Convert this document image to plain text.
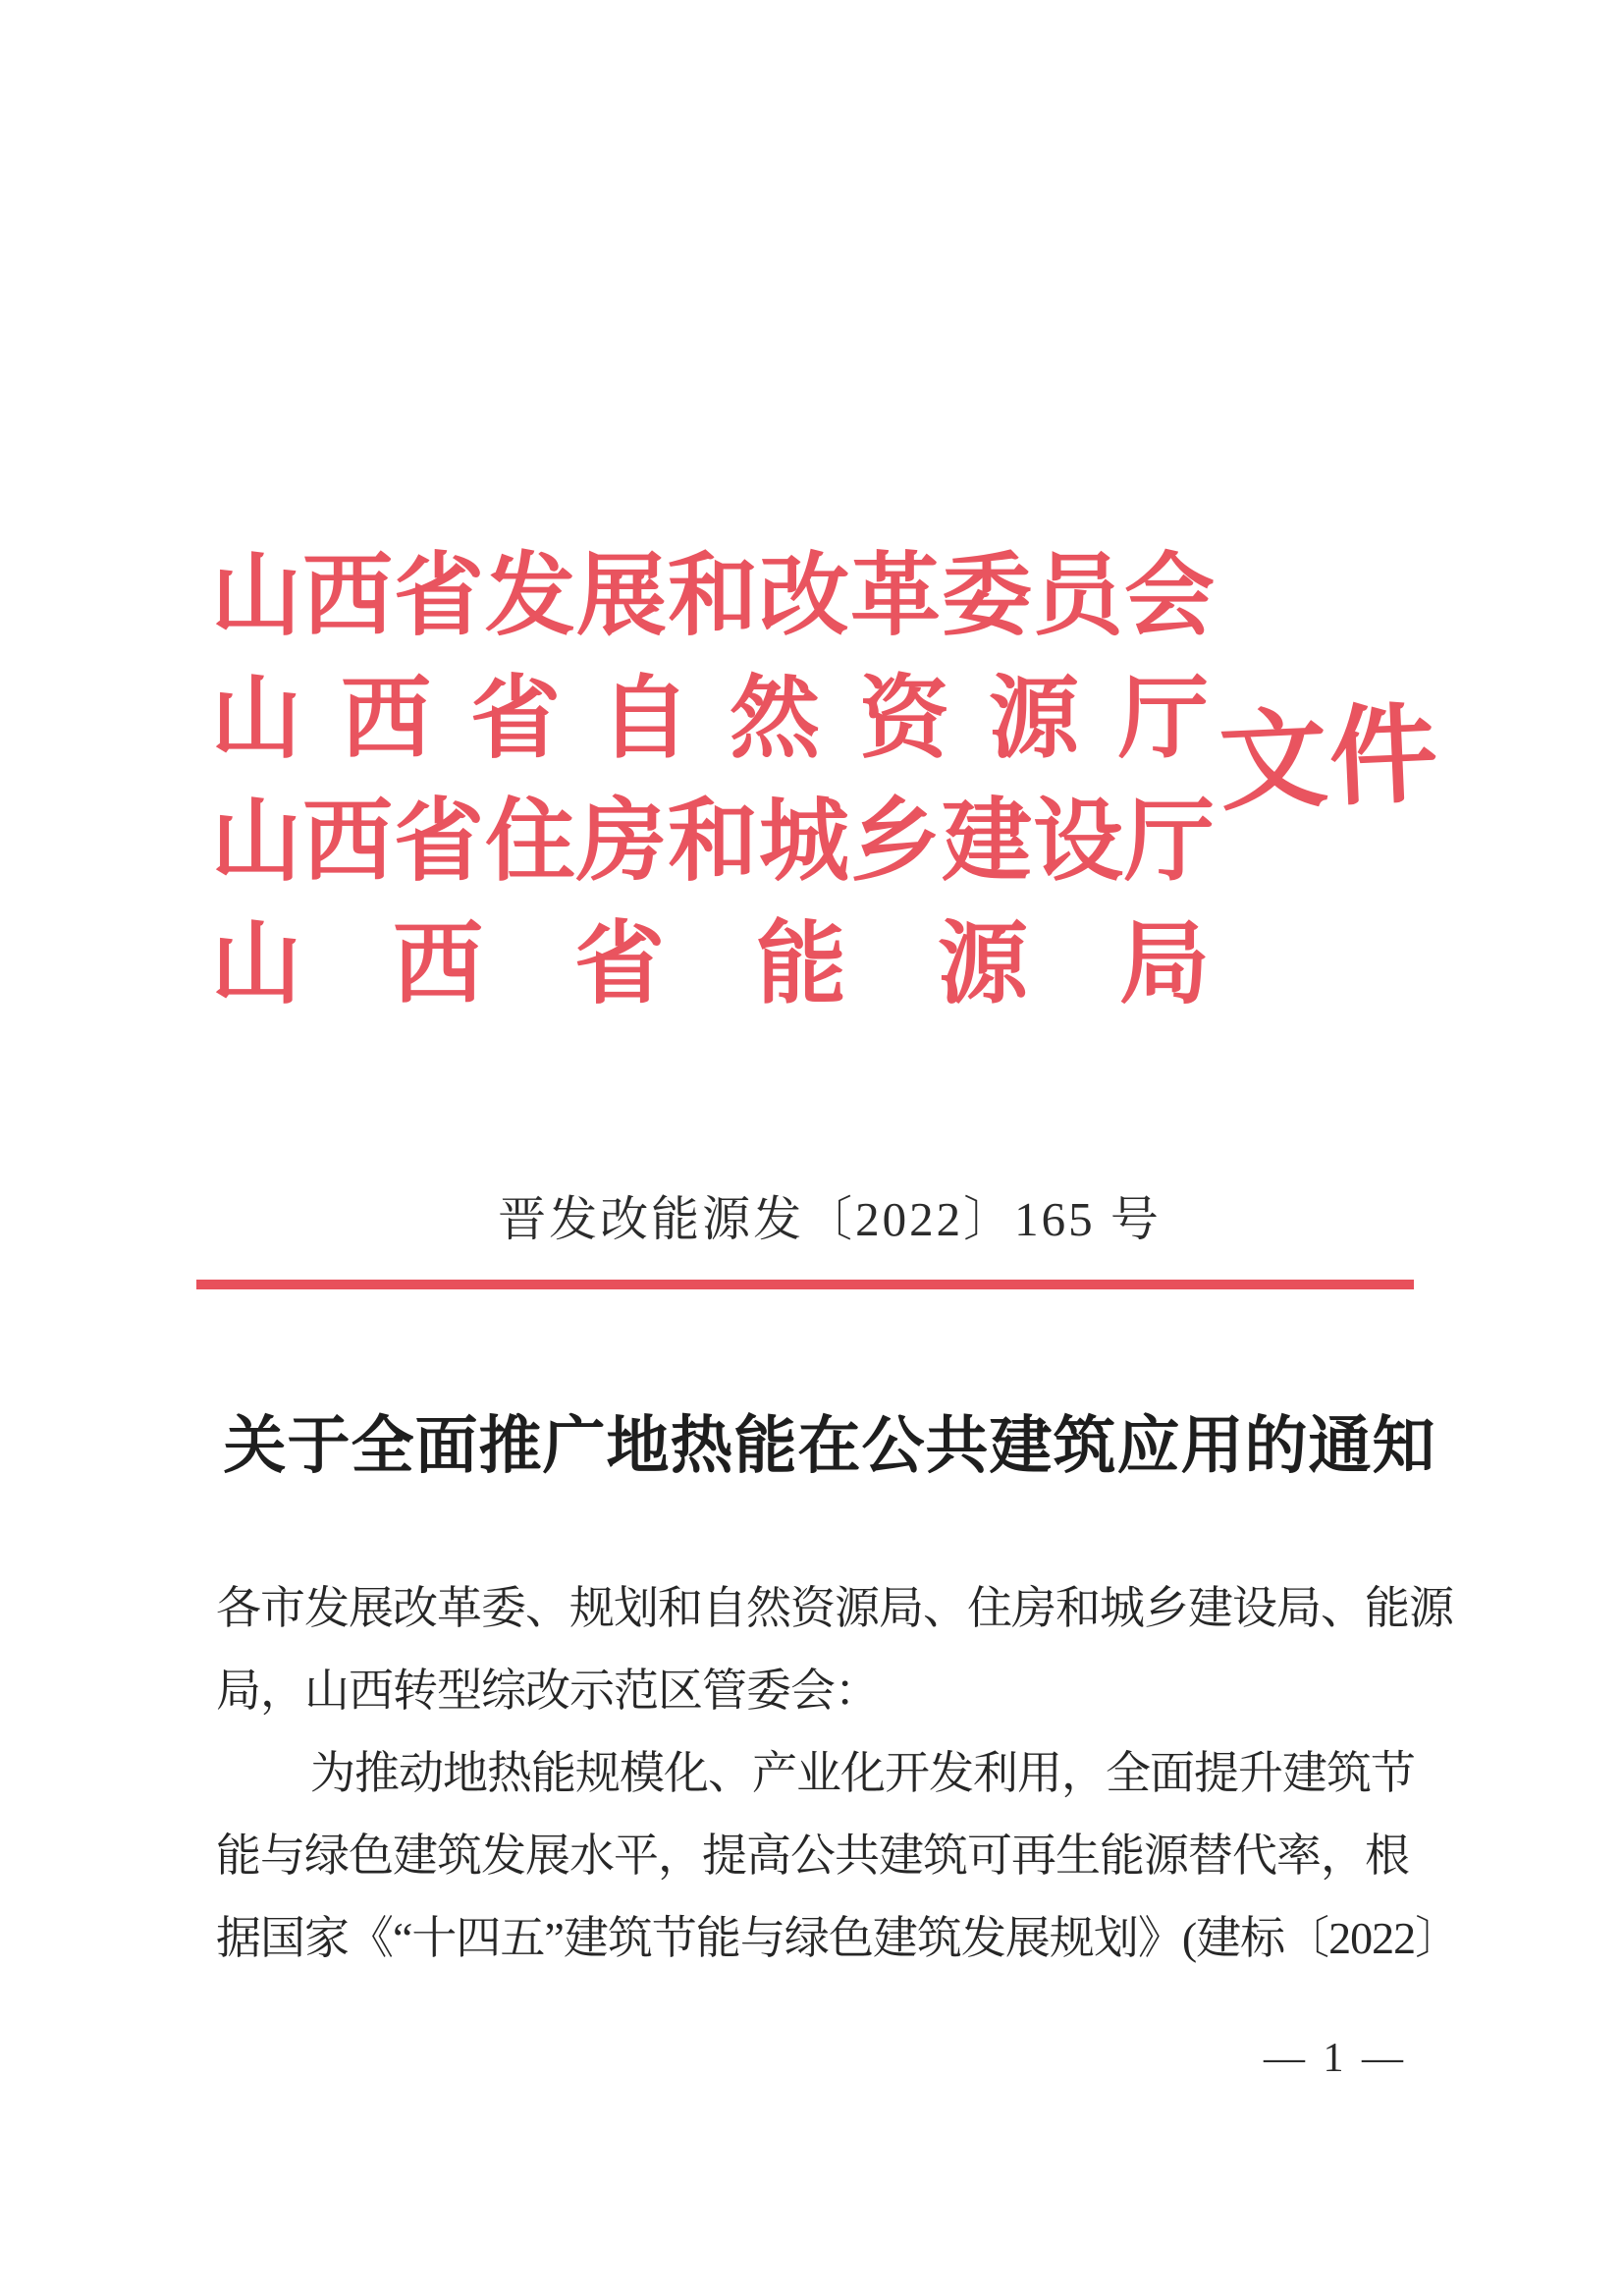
山西省发展和改革委员会
山西省自然资源厅
山西省住房和城乡建设厅
山西省能源局
文件
晋发改能源发〔2022〕165 号
关于全面推广地热能在公共建筑应用的通知

各市发展改革委、规划和自然资源局、住房和城乡建设局、能源

局，山西转型综改示范区管委会：

为推动地热能规模化、产业化开发利用，全面提升建筑节

能与绿色建筑发展水平，提高公共建筑可再生能源替代率，根

据国家《“十四五”建筑节能与绿色建筑发展规划》(建标〔2022〕

— 1 —
